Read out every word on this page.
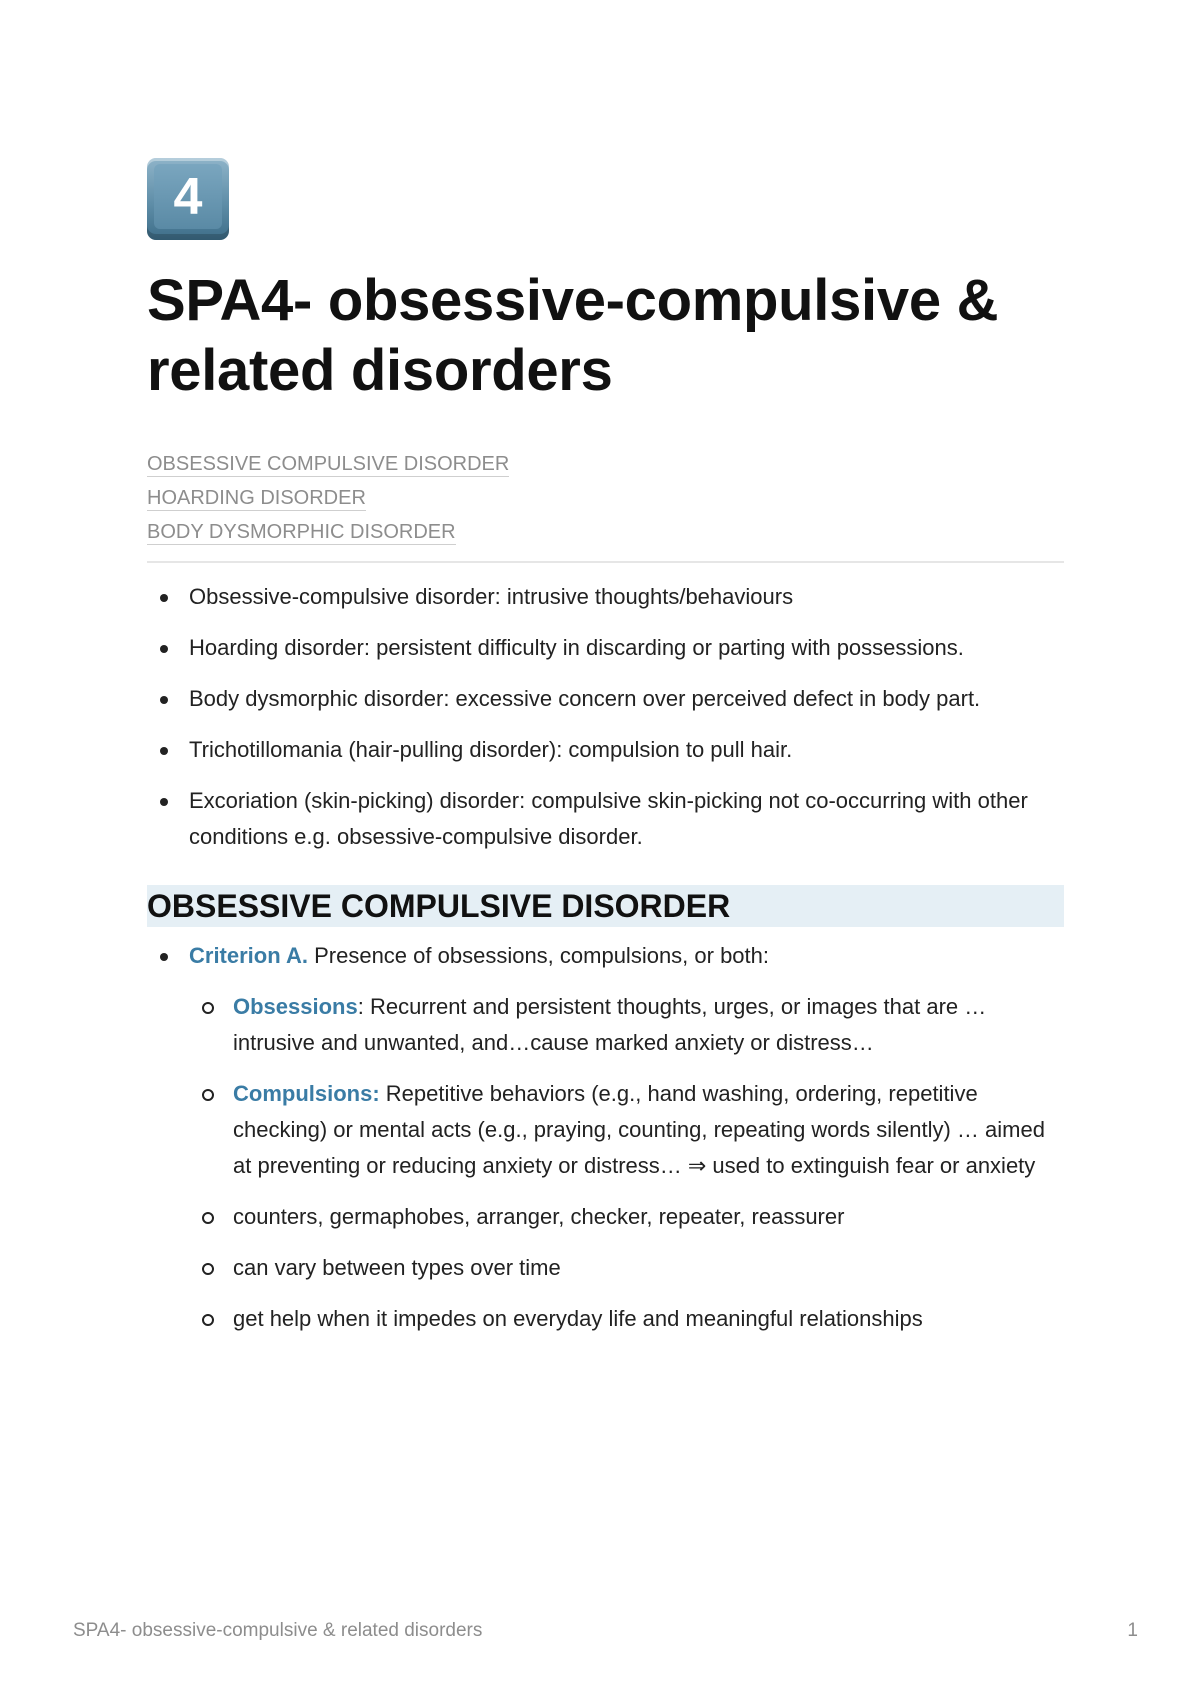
4
SPA4- obsessive-compulsive & related disorders
OBSESSIVE COMPULSIVE DISORDER
HOARDING DISORDER
BODY DYSMORPHIC DISORDER
Obsessive-compulsive disorder: intrusive thoughts/behaviours
Hoarding disorder: persistent difficulty in discarding or parting with possessions.
Body dysmorphic disorder: excessive concern over perceived defect in body part.
Trichotillomania (hair-pulling disorder): compulsion to pull hair.
Excoriation (skin-picking) disorder: compulsive skin-picking not co-occurring with other conditions e.g. obsessive-compulsive disorder.
OBSESSIVE COMPULSIVE DISORDER
Criterion A. Presence of obsessions, compulsions, or both:
Obsessions: Recurrent and persistent thoughts, urges, or images that are …intrusive and unwanted, and…cause marked anxiety or distress…
Compulsions: Repetitive behaviors (e.g., hand washing, ordering, repetitive checking) or mental acts (e.g., praying, counting, repeating words silently) … aimed at preventing or reducing anxiety or distress… ⇒ used to extinguish fear or anxiety
counters, germaphobes, arranger, checker, repeater, reassurer
can vary between types over time
get help when it impedes on everyday life and meaningful relationships
SPA4- obsessive-compulsive & related disorders	1
